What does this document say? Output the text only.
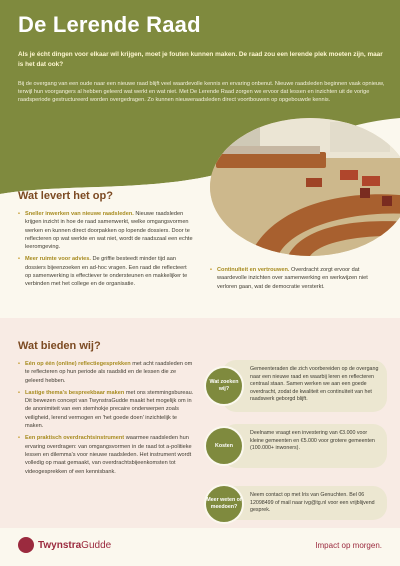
De Lerende Raad

Als je écht dingen voor elkaar wil krijgen, moet je fouten kunnen maken. De raad zou een lerende plek moeten zijn, maar is het dat ook?

Bij de overgang van een oude naar een nieuwe raad blijft veel waardevolle kennis en ervaring onbenut. Nieuwe raadsleden beginnen vaak opnieuw, terwijl hun voorgangers al hebben geleerd wat werkt en wat niet. Met De Lerende Raad zorgen we ervoor dat lessen en inzichten uit de vorige raadsperiode gestructureerd worden overgedragen. Zo kunnen nieuweraadsleden direct voortbouwen op opgebouwde kennis.

Wat levert het op?
• Sneller inwerken van nieuwe raadsleden. Nieuwe raadsleden krijgen inzicht in hoe de raad samenwerkt, welke omgangsvormen werken en kunnen direct doorpakken op lopende dossiers. Door te reflecteren op wat werkte en wat niet, wordt de raadszaal een echte leeromgeving.
• Meer ruimte voor advies. De griffie besteedt minder tijd aan dossiers bijeenzoeken en ad-hoc vragen. Een raad die reflecteert op samenwerking is effectiever te ondersteunen en makkelijker te verbinden met het college en de organisatie.
• Continuïteit en vertrouwen. Overdracht zorgt ervoor dat waardevolle inzichten over samenwerking en werkwijzen niet verloren gaan, wat de democratie versterkt.
Wat bieden wij?
• Eén op één (online) reflectiegesprekken met acht raadsleden om te reflecteren op hun periode als raadslid en de lessen die ze geleerd hebben.
• Lastige thema's bespreekbaar maken met ons stemmingsbureau. Dit bewezen concept van TwynstraGudde maakt het mogelijk om in de anonimiteit van een stemhokje precaire onderwerpen zoals veiligheid, lerend vermogen en 'het goede doen' inzichtelijk te maken.
• Een praktisch overdrachtsinstrument waarmee raadsleden hun ervaring overdragen: van omgangsvormen in de raad tot a-politieke lessen en dilemma's voor nieuwe raadsleden. Het instrument wordt volledig op maat gemaakt, van overdrachtsbijeenkomsten tot videogesprekken of een kennisbank.
Gemeenteraden die zich voorbereiden op de overgang naar een nieuwe raad en waarbij leren en reflecteren centraal staan. Samen werken we aan een goede overdracht, zodat de kwaliteit en continuïteit van het raadswerk geborgd blijft.
Wat zoeken wij?
Deelname vraagt een investering van €3.000 voor kleine gemeenten en €5.000 voor grotere gemeenten (100.000+ inwoners).
Kosten
Neem contact op met Iris van Genuchten. Bel 06 12098499 of mail naar ivg@tg.nl voor een vrijblijvend gesprek.
Meer weten of meedoen?
TwynstraGudde	Impact op morgen.
